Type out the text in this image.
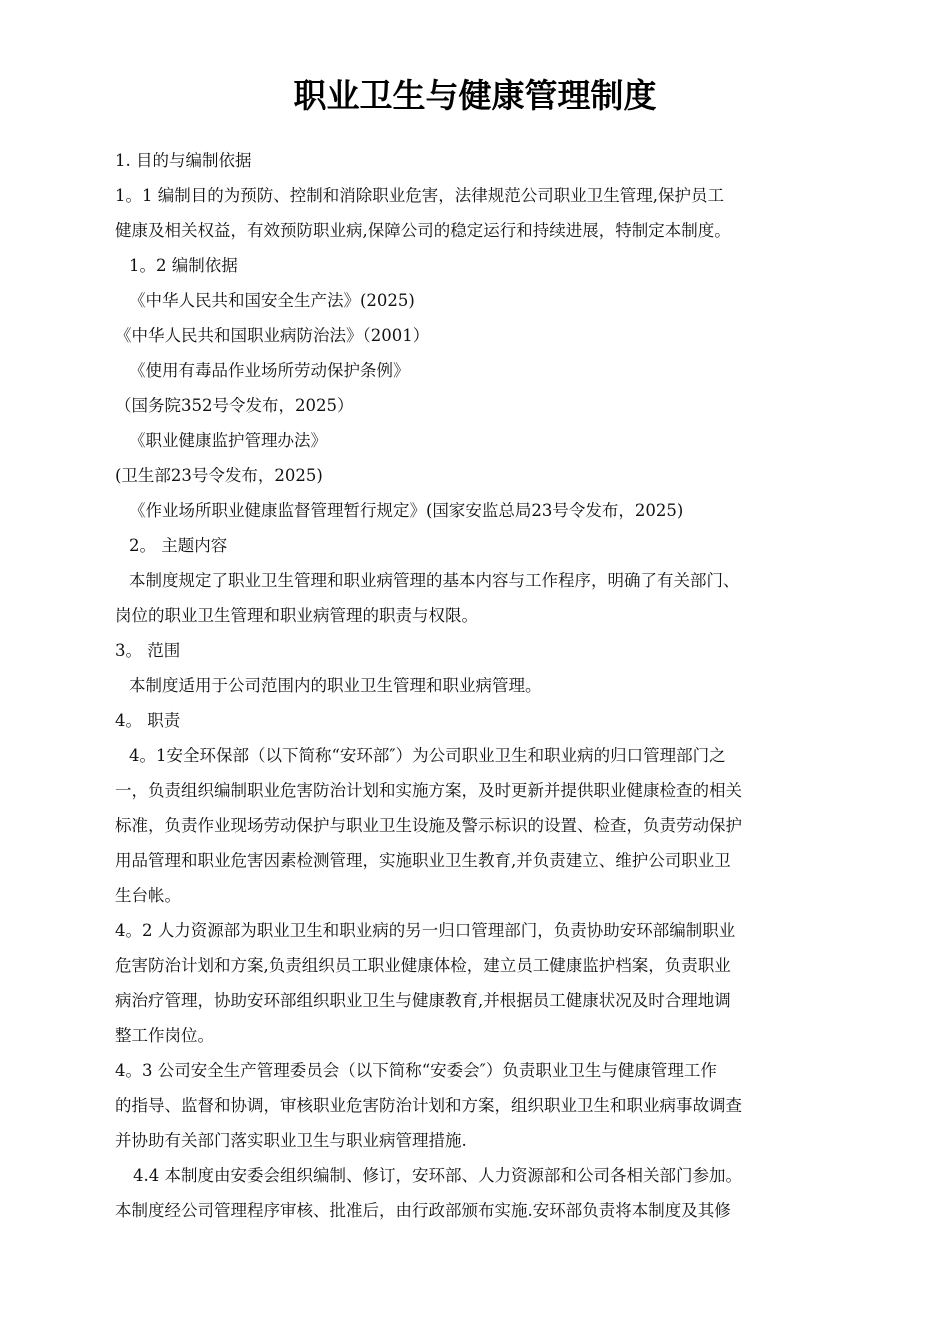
职业卫生与健康管理制度
1. 目的与编制依据
1。1 编制目的为预防、控制和消除职业危害，法律规范公司职业卫生管理,保护员工
健康及相关权益，有效预防职业病,保障公司的稳定运行和持续进展，特制定本制度。
1。2 编制依据
《中华人民共和国安全生产法》(2025)
《中华人民共和国职业病防治法》（2001）
《使用有毒品作业场所劳动保护条例》
（国务院352号令发布，2025）
《职业健康监护管理办法》
(卫生部23号令发布，2025)
《作业场所职业健康监督管理暂行规定》(国家安监总局23号令发布，2025)
2。 主题内容
本制度规定了职业卫生管理和职业病管理的基本内容与工作程序，明确了有关部门、
岗位的职业卫生管理和职业病管理的职责与权限。
3。 范围
本制度适用于公司范围内的职业卫生管理和职业病管理。
4。 职责
4。1安全环保部（以下简称“安环部″）为公司职业卫生和职业病的归口管理部门之
一，负责组织编制职业危害防治计划和实施方案，及时更新并提供职业健康检查的相关
标准，负责作业现场劳动保护与职业卫生设施及警示标识的设置、检查，负责劳动保护
用品管理和职业危害因素检测管理，实施职业卫生教育,并负责建立、维护公司职业卫
生台帐。
4。2 人力资源部为职业卫生和职业病的另一归口管理部门，负责协助安环部编制职业
危害防治计划和方案,负责组织员工职业健康体检，建立员工健康监护档案，负责职业
病治疗管理，协助安环部组织职业卫生与健康教育,并根据员工健康状况及时合理地调
整工作岗位。
4。3 公司安全生产管理委员会（以下简称“安委会″）负责职业卫生与健康管理工作
的指导、监督和协调，审核职业危害防治计划和方案，组织职业卫生和职业病事故调查
并协助有关部门落实职业卫生与职业病管理措施.
4.4 本制度由安委会组织编制、修订，安环部、人力资源部和公司各相关部门参加。
本制度经公司管理程序审核、批准后，由行政部颁布实施.安环部负责将本制度及其修
